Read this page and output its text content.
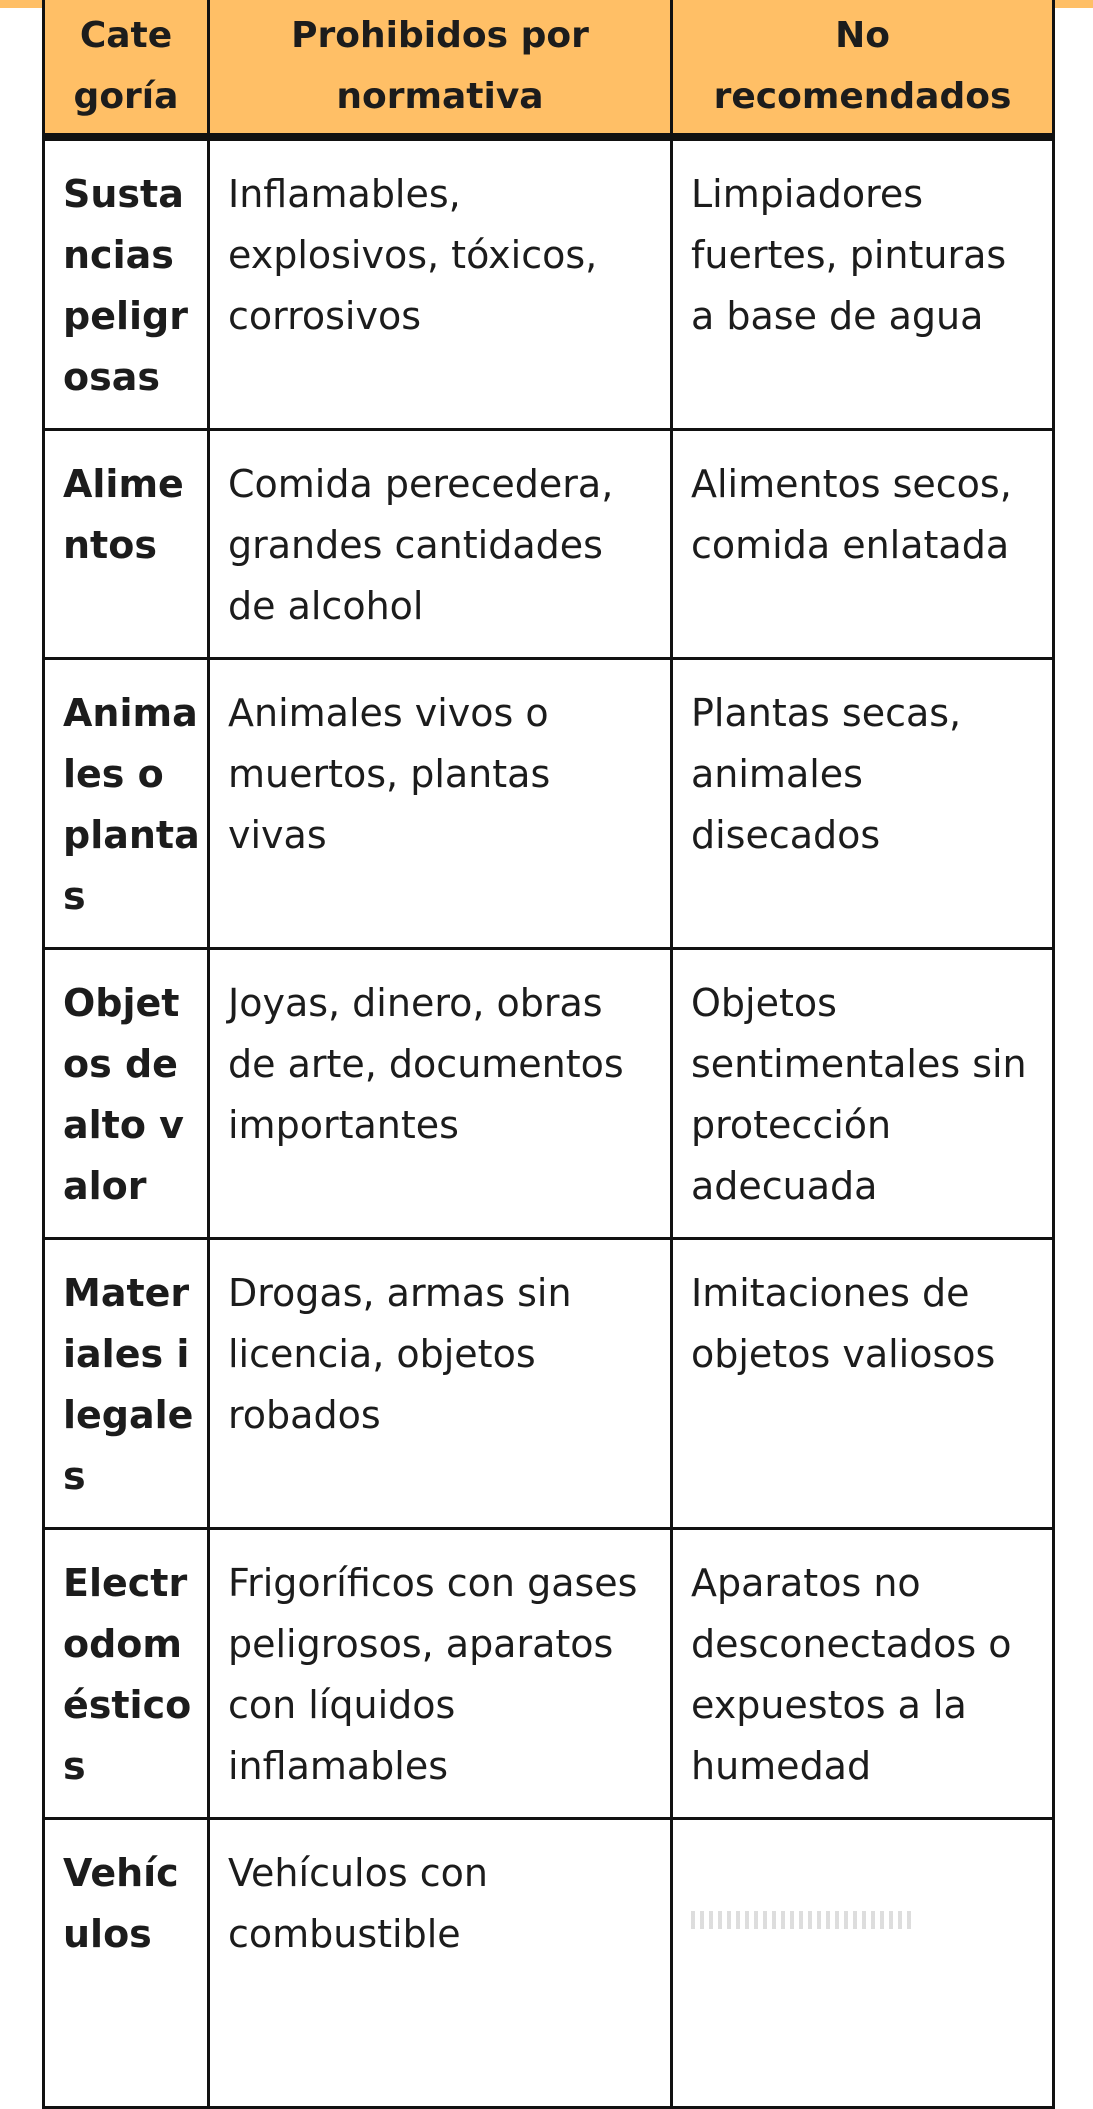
Cate goría	Prohibidos por normativa	No recomendados
Sustancias peligrosas	Inflamables, explosivos, tóxicos, corrosivos	Limpiadores fuertes, pinturas a base de agua
Alimentos	Comida perecedera, grandes cantidades de alcohol	Alimentos secos, comida enlatada
Animales o plantas	Animales vivos o muertos, plantas vivas	Plantas secas, animales disecados
Objetos de alto valor	Joyas, dinero, obras de arte, documentos importantes	Objetos sentimentales sin protección adecuada
Materiales ilegales	Drogas, armas sin licencia, objetos robados	Imitaciones de objetos valiosos
Electrodomésticos	Frigoríficos con gases peligrosos, aparatos con líquidos inflamables	Aparatos no desconectados o expuestos a la humedad
Vehículos	Vehículos con combustible	
